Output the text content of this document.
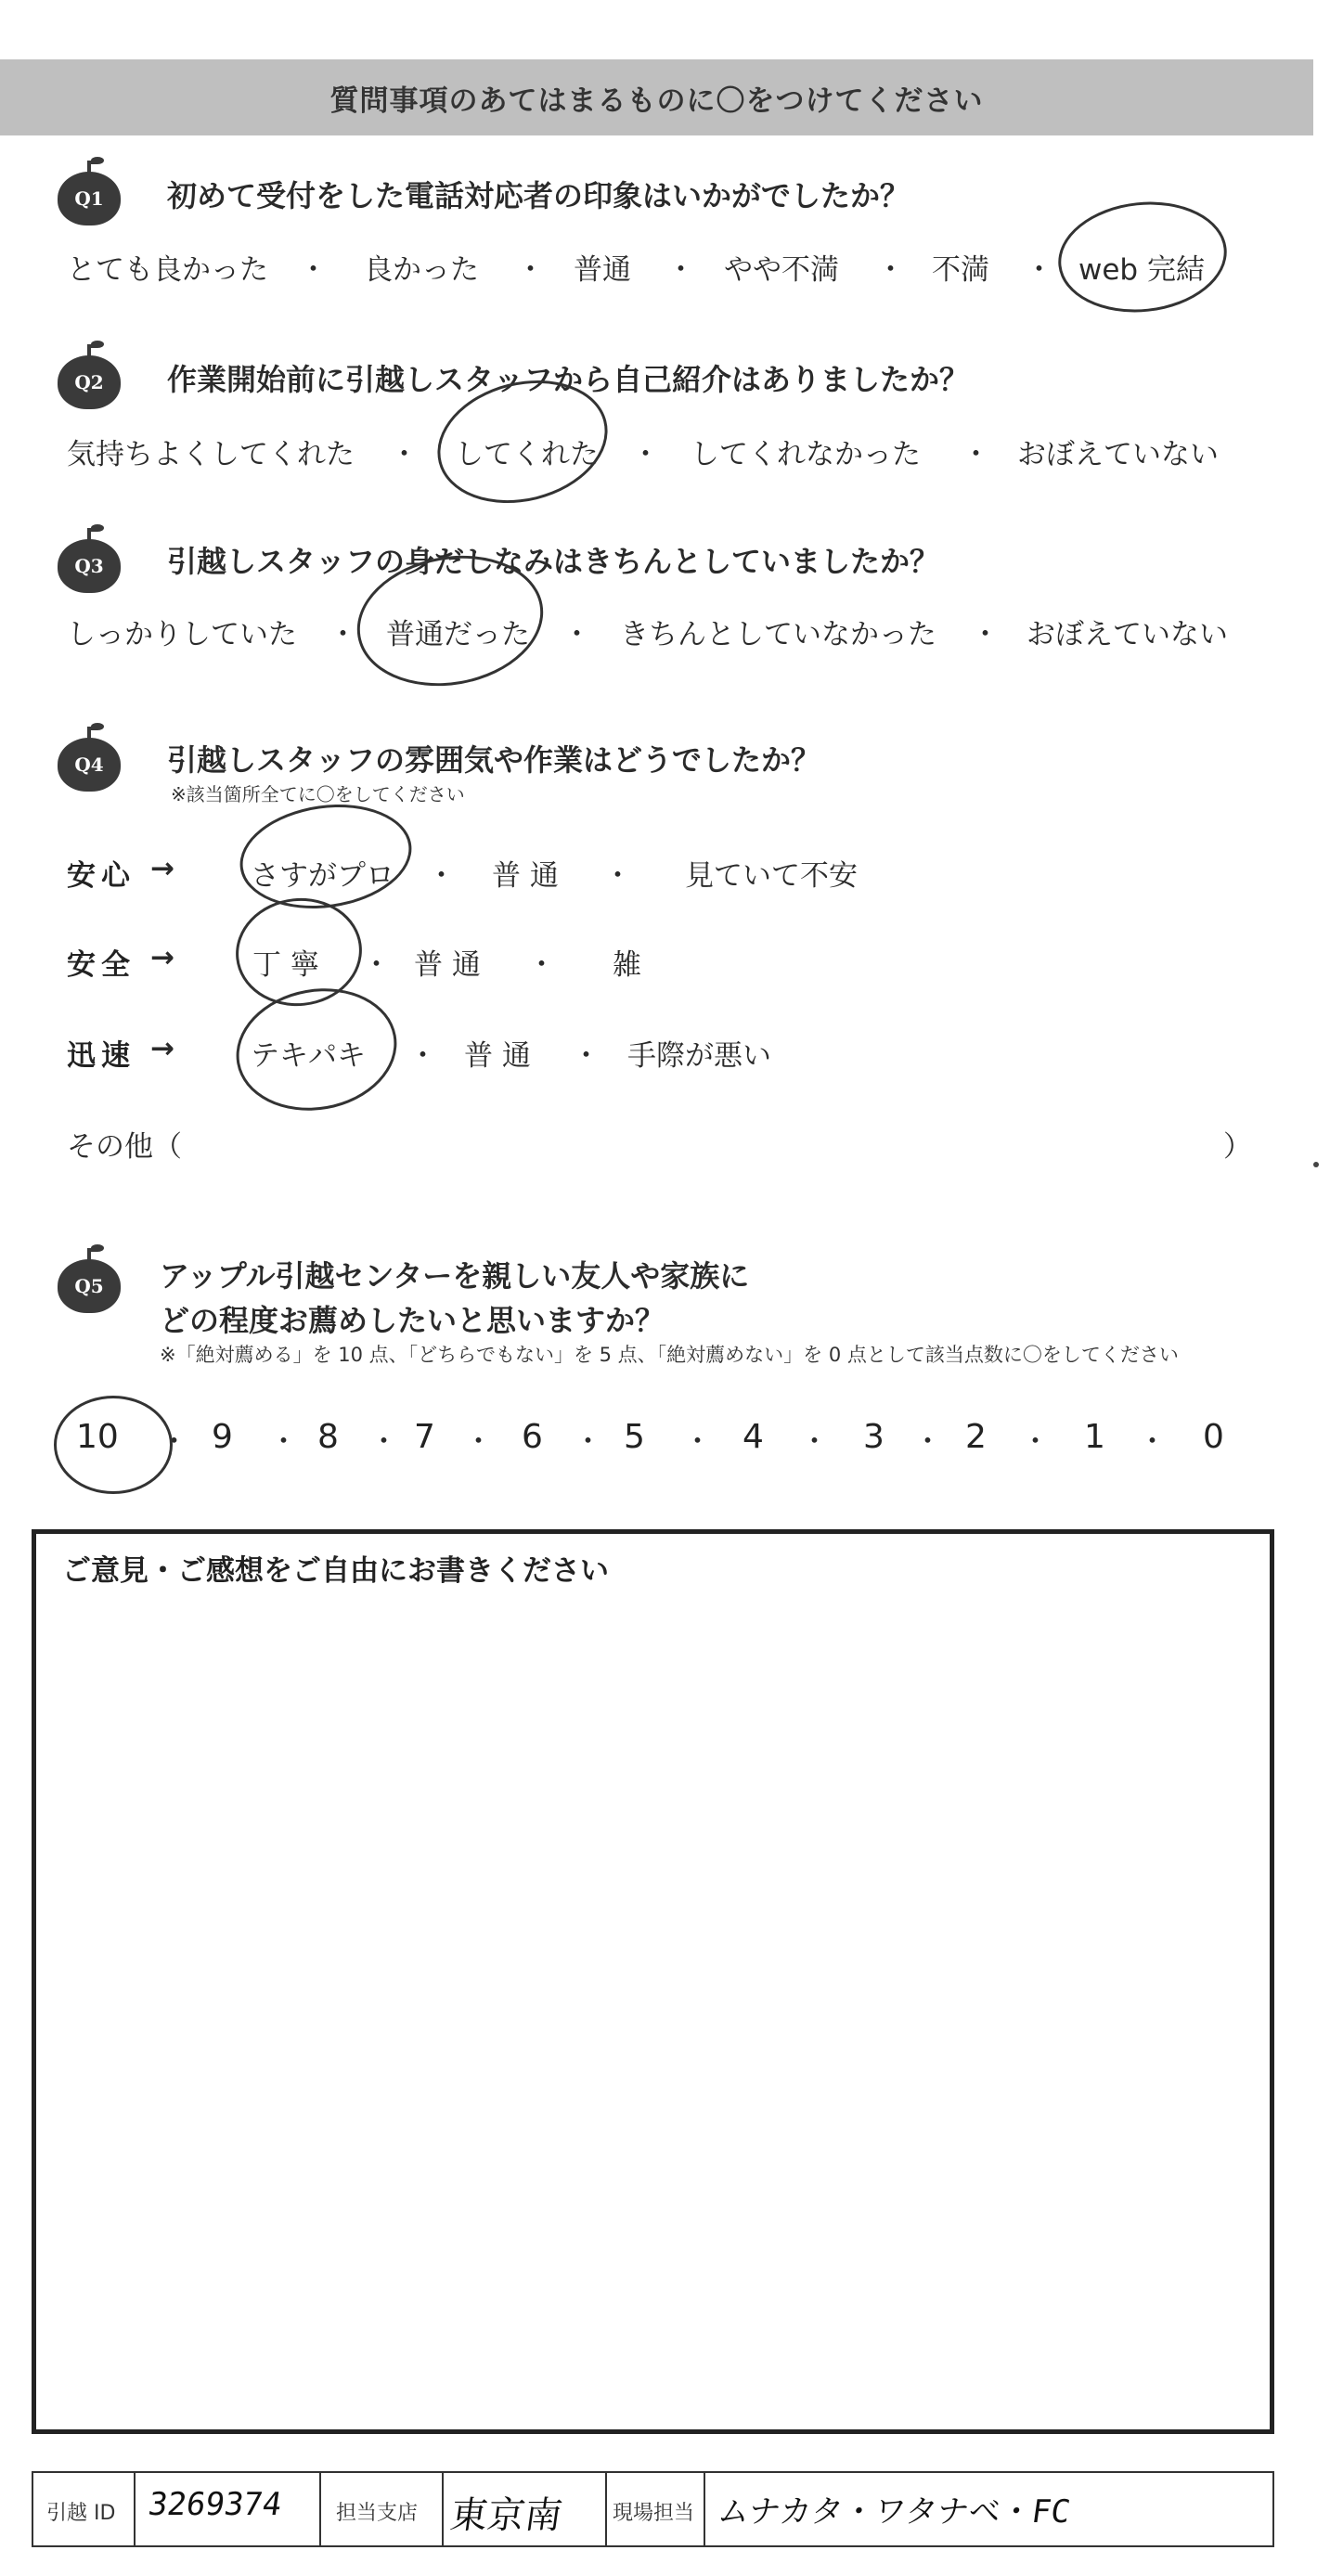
質問事項のあてはまるものに〇をつけてください
Q1 初めて受付をした電話対応者の印象はいかがでしたか？
とても良かった ・ 良かった ・ 普通 ・ やや不満 ・ 不満 ・ web 完結
Q2 作業開始前に引越しスタッフから自己紹介はありましたか？
気持ちよくしてくれた ・ してくれた ・ してくれなかった ・ おぼえていない
Q3 引越しスタッフの身だしなみはきちんとしていましたか？
しっかりしていた ・ 普通だった ・ きちんとしていなかった ・ おぼえていない
Q4 引越しスタッフの雰囲気や作業はどうでしたか？
※該当箇所全てに〇をしてください
安心 →	さすがプロ ・ 普 通 ・ 見ていて不安
安全 →	丁 寧 ・ 普 通 ・ 雑
迅速 →	テキパキ ・ 普 通 ・ 手際が悪い
その他（	）
Q5 アップル引越センターを親しい友人や家族に
どの程度お薦めしたいと思いますか？
※「絶対薦める」を 10 点、「どちらでもない」を 5 点、「絶対薦めない」を 0 点として該当点数に〇をしてください
10 ・ 9 ・ 8 ・ 7 ・ 6 ・ 5 ・ 4 ・ 3 ・ 2 ・ 1 ・ 0
ご意見・ご感想をご自由にお書きください
引越 ID 3269374	担当支店 東京南 現場担当 ムナカタ・ワタナベ・FC
